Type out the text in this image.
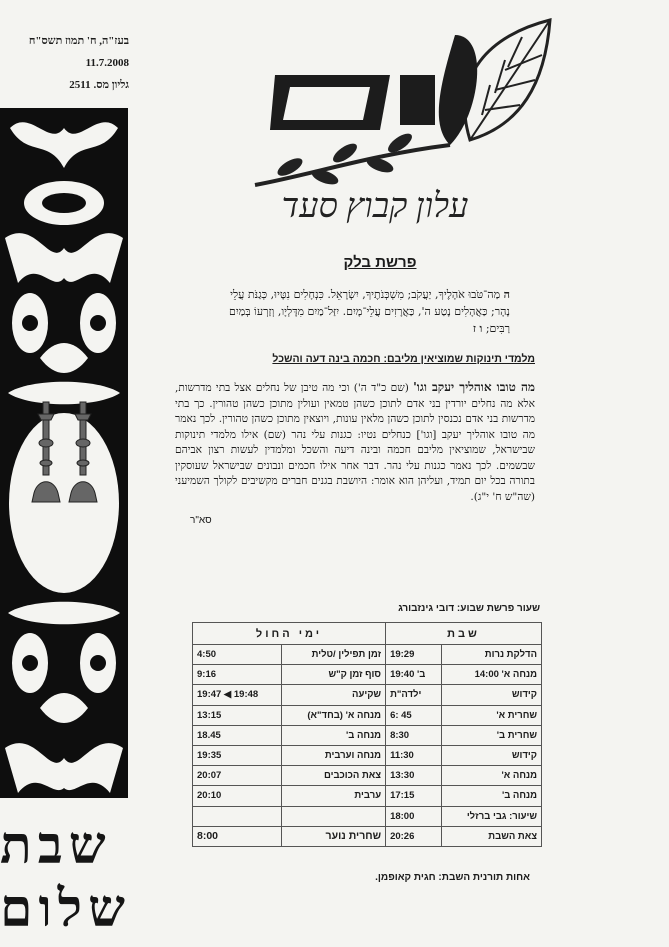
בעז"ה, ח' תמוז תשס"ח
11.7.2008
גליון מס. 2511
שבת
שלום
עלון קבוץ סעד
פרשת בלק
ה מַה־טֹּבוּ אֹהָלֶיךָ, יַעֲקֹב; מִשְׁכְּנֹתֶיךָ, יִשְׂרָאֵל. כִּנְחָלִים נִטָּיוּ, כְּגַנֹּת עֲלֵי נָהָר; כַּאֲהָלִים נָטַע ה', כַּאֲרָזִים עֲלֵי־מָיִם. יִזַּל־מַיִם מִדָּלְיָו, וְזַרְעוֹ בְּמַיִם רַבִּים; ו ז
מלמדי תינוקות שמוציאין מליבם: חכמה בינה דעה והשכל
מה טובו אוהליך יעקב וגו' (שם כ"ד ה') וכי מה טיבן של נחלים אצל בתי מדרשות, אלא מה נחלים יורדין בני אדם לתוכן כשהן טמאין ועולין מתוכן כשהן טהורין. כך בתי מדרשות בני אדם נכנסין לתוכן כשהן מלאין עונות, ויוצאין מתוכן כשהן טהורין. לכך נאמר מה טובו אוהליך יעקב [וגו'] כנחלים נטיו: כגנות עלי נהר (שם) אילו מלמדי תינוקות שבישראל, שמוציאין מליבם חכמה ובינה דיעה והשכל ומלמדין לעשות רצון אביהם שבשמים. לכך נאמר כגנות עלי נהר. דבר אחר אילו חכמים ונבונים שבישראל שעוסקין בתורה בכל יום תמיד, ועליהן הוא אומר: היושבת בגנים חברים מקשיבים לקולך השמיעני (שה"ש ח' י"ג).
סא"ר
שעור פרשת שבוע: דובי גינזבורג
שבת		ימי החול	
הדלקת נרות	19:29	זמן תפילין /טלית	4:50
מנחה א' 14:00	ב' 19:40	סוף זמן ק"ש	9:16
קידוש	ילדה"ת	שקיעה	19:47 ◀ 19:48
שחרית א'	6: 45	מנחה א' (בחד"א)	13:15
שחרית ב'	8:30	מנחה ב'	18.45
קידוש	11:30	מנחה וערבית	19:35
מנחה א'	13:30	צאת הכוכבים	20:07
מנחה ב'	17:15	ערבית	20:10
שיעור: גבי ברזלי	18:00		
צאת השבת	20:26	שחרית נוער	8:00
אחות תורנית השבת: חגית קאופמן.
